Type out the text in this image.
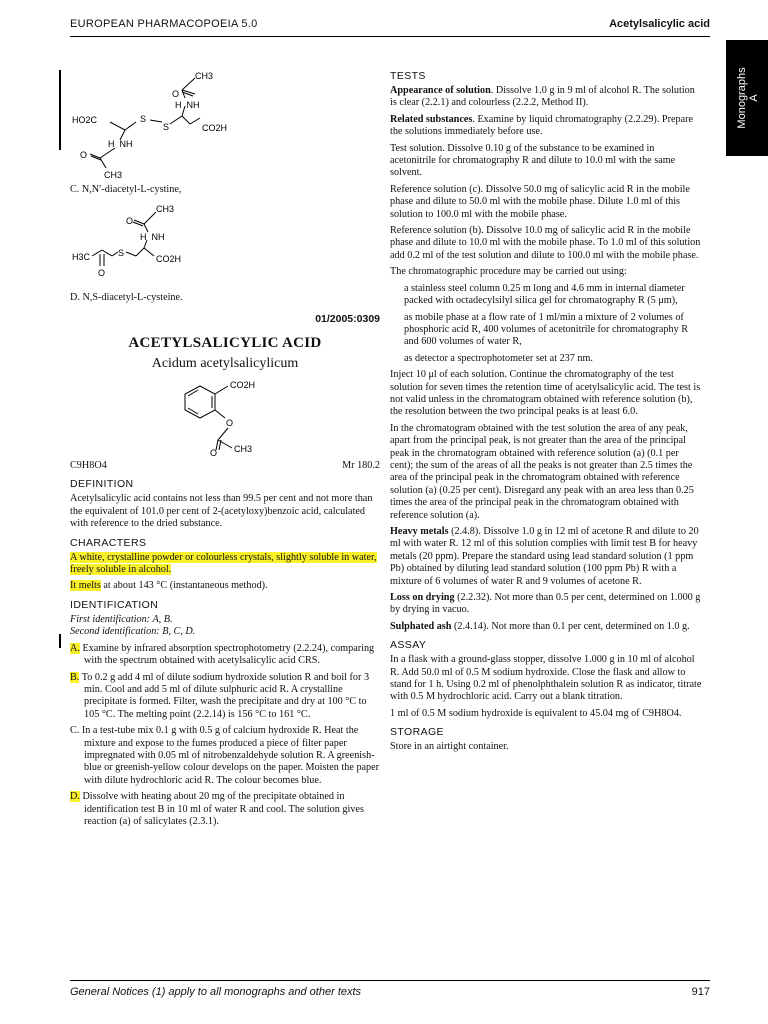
EUROPEAN PHARMACOPOEIA 5.0	Acetylsalicylic acid
Monographs
A
CH3
O
H  NH
HO2C	S
S	CO2H
H  NH
O
CH3

C. N,N′-diacetyl-L-cystine,

CH3
O
H  NH
H3C	S
CO2H
O

D. N,S-diacetyl-L-cysteine.

01/2005:0309

ACETYLSALICYLIC ACID

Acidum acetylsalicylicum

CO2H
O
O CH3
C9H8O4	Mr 180.2
DEFINITION

Acetylsalicylic acid contains not less than 99.5 per cent and not more than the equivalent of 101.0 per cent of 2-(acetyloxy)benzoic acid, calculated with reference to the dried substance.

CHARACTERS

A white, crystalline powder or colourless crystals, slightly soluble in water, freely soluble in alcohol.

It melts at about 143 °C (instantaneous method).

IDENTIFICATION

First identification: A, B.

Second identification: B, C, D.

A. Examine by infrared absorption spectrophotometry (2.2.24), comparing with the spectrum obtained with acetylsalicylic acid CRS.

B. To 0.2 g add 4 ml of dilute sodium hydroxide solution R and boil for 3 min. Cool and add 5 ml of dilute sulphuric acid R. A crystalline precipitate is formed. Filter, wash the precipitate and dry at 100 °C to 105 °C. The melting point (2.2.14) is 156 °C to 161 °C.

C. In a test-tube mix 0.1 g with 0.5 g of calcium hydroxide R. Heat the mixture and expose to the fumes produced a piece of filter paper impregnated with 0.05 ml of nitrobenzaldehyde solution R. A greenish-blue or greenish-yellow colour develops on the paper. Moisten the paper with dilute hydrochloric acid R. The colour becomes blue.

D. Dissolve with heating about 20 mg of the precipitate obtained in identification test B in 10 ml of water R and cool. The solution gives reaction (a) of salicylates (2.3.1).

TESTS

Appearance of solution. Dissolve 1.0 g in 9 ml of alcohol R. The solution is clear (2.2.1) and colourless (2.2.2, Method II).

Related substances. Examine by liquid chromatography (2.2.29). Prepare the solutions immediately before use.

Test solution. Dissolve 0.10 g of the substance to be examined in acetonitrile for chromatography R and dilute to 10.0 ml with the same solvent.

Reference solution (c). Dissolve 50.0 mg of salicylic acid R in the mobile phase and dilute to 50.0 ml with the mobile phase. Dilute 1.0 ml of this solution to 100.0 ml with the mobile phase.

Reference solution (b). Dissolve 10.0 mg of salicylic acid R in the mobile phase and dilute to 10.0 ml with the mobile phase. To 1.0 ml of this solution add 0.2 ml of the test solution and dilute to 100.0 ml with the mobile phase.

The chromatographic procedure may be carried out using:

a stainless steel column 0.25 m long and 4.6 mm in internal diameter packed with octadecylsilyl silica gel for chromatography R (5 μm),

as mobile phase at a flow rate of 1 ml/min a mixture of 2 volumes of phosphoric acid R, 400 volumes of acetonitrile for chromatography R and 600 volumes of water R,

as detector a spectrophotometer set at 237 nm.

Inject 10 μl of each solution. Continue the chromatography of the test solution for seven times the retention time of acetylsalicylic acid. The test is not valid unless in the chromatogram obtained with reference solution (b), the resolution between the two principal peaks is at least 6.0.

In the chromatogram obtained with the test solution the area of any peak, apart from the principal peak, is not greater than the area of the principal peak in the chromatogram obtained with reference solution (a) (0.1 per cent); the sum of the areas of all the peaks is not greater than 2.5 times the area of the principal peak in the chromatogram obtained with reference solution (a) (0.25 per cent). Disregard any peak with an area less than 0.25 times the area of the principal peak in the chromatogram obtained with reference solution (a).

Heavy metals (2.4.8). Dissolve 1.0 g in 12 ml of acetone R and dilute to 20 ml with water R. 12 ml of this solution complies with limit test B for heavy metals (20 ppm). Prepare the standard using lead standard solution (1 ppm Pb) obtained by diluting lead standard solution (100 ppm Pb) R with a mixture of 6 volumes of water R and 9 volumes of acetone R.

Loss on drying (2.2.32). Not more than 0.5 per cent, determined on 1.000 g by drying in vacuo.

Sulphated ash (2.4.14). Not more than 0.1 per cent, determined on 1.0 g.

ASSAY

In a flask with a ground-glass stopper, dissolve 1.000 g in 10 ml of alcohol R. Add 50.0 ml of 0.5 M sodium hydroxide. Close the flask and allow to stand for 1 h. Using 0.2 ml of phenolphthalein solution R as indicator, titrate with 0.5 M hydrochloric acid. Carry out a blank titration.

1 ml of 0.5 M sodium hydroxide is equivalent to 45.04 mg of C9H8O4.

STORAGE

Store in an airtight container.

General Notices (1) apply to all monographs and other texts	917
